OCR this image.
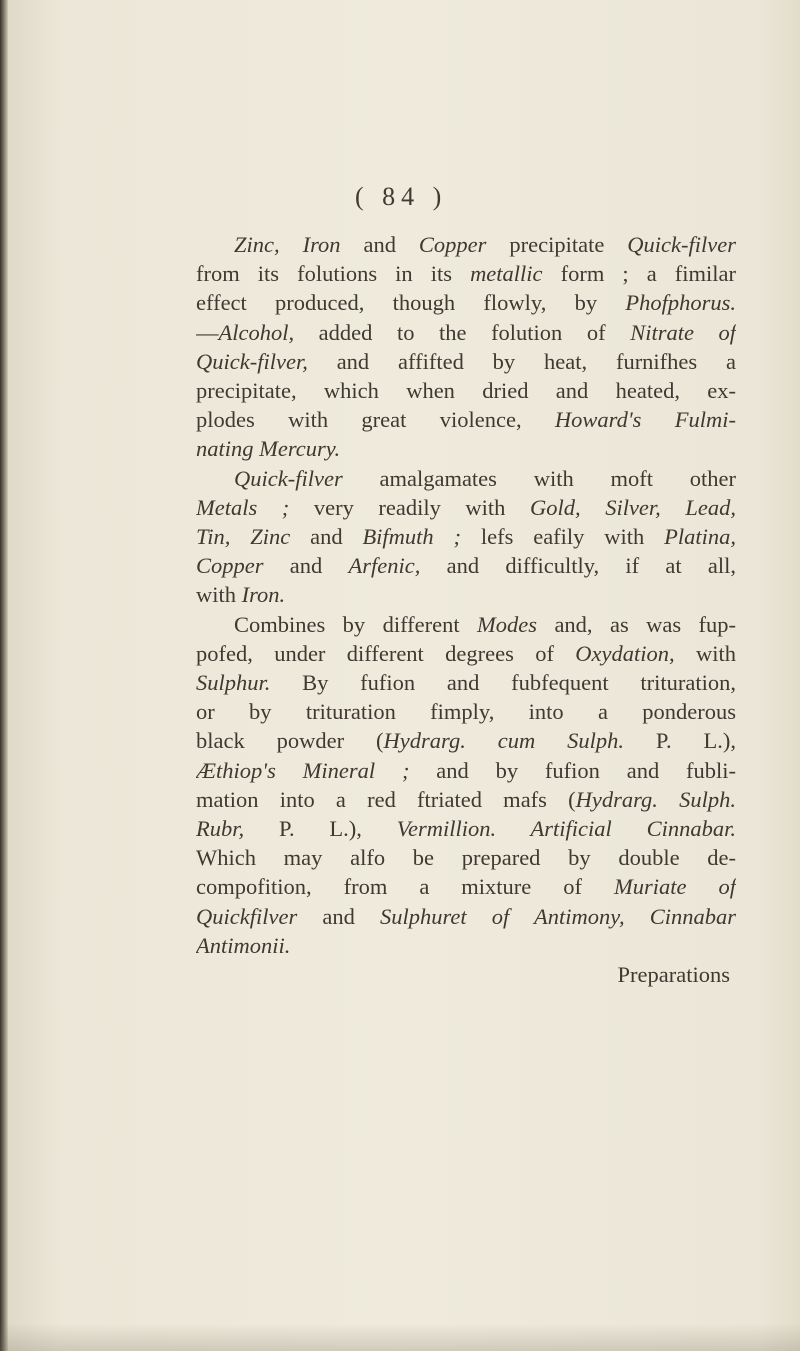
( 84 )
Zinc, Iron and Copper precipitate Quick-filver
from its folutions in its metallic form ; a fimilar
effect produced, though flowly, by Phofphorus.
—Alcohol, added to the folution of Nitrate of
Quick-filver, and affifted by heat, furnifhes a
precipitate, which when dried and heated, ex-
plodes with great violence, Howard's Fulmi-
nating Mercury.
Quick-filver amalgamates with moft other
Metals ; very readily with Gold, Silver, Lead,
Tin, Zinc and Bifmuth ; lefs eafily with Platina,
Copper and Arfenic, and difficultly, if at all,
with Iron.
Combines by different Modes and, as was fup-
pofed, under different degrees of Oxydation, with
Sulphur. By fufion and fubfequent trituration,
or by trituration fimply, into a ponderous
black powder (Hydrarg. cum Sulph. P. L.),
Æthiop's Mineral ; and by fufion and fubli-
mation into a red ftriated mafs (Hydrarg. Sulph.
Rubr, P. L.), Vermillion. Artificial Cinnabar.
Which may alfo be prepared by double de-
compofition, from a mixture of Muriate of
Quickfilver and Sulphuret of Antimony, Cinnabar
Antimonii.
Preparations
